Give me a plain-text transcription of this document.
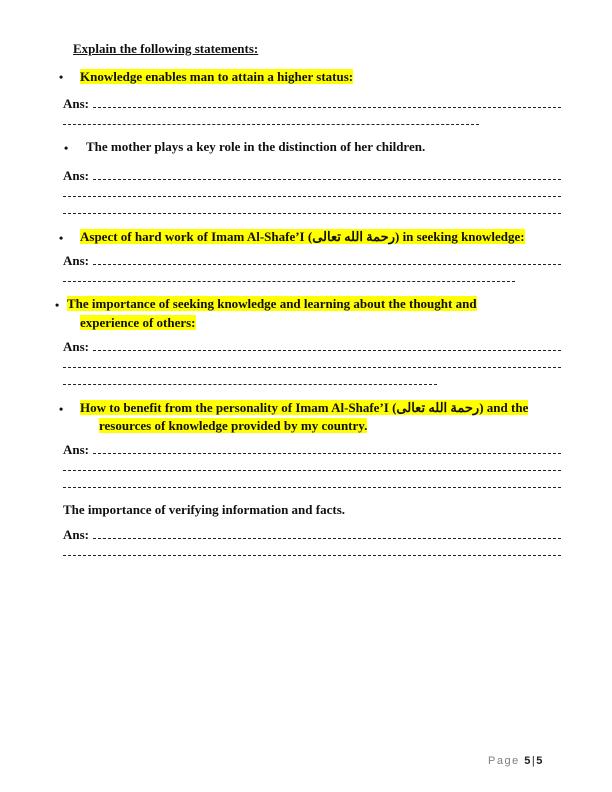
Explain the following statements:
• Knowledge enables man to attain a higher status:
Ans:
• The mother plays a key role in the distinction of her children.
Ans:
• Aspect of hard work of Imam Al-Shafe’I (رحمة الله تعالى) in seeking knowledge:
Ans:
• The importance of seeking knowledge and learning about the thought and
experience of others:
Ans:
• How to benefit from the personality of Imam Al-Shafe’I (رحمة الله تعالى) and the
resources of knowledge provided by my country.
Ans:
The importance of verifying information and facts.
Ans:
Page 5|5
